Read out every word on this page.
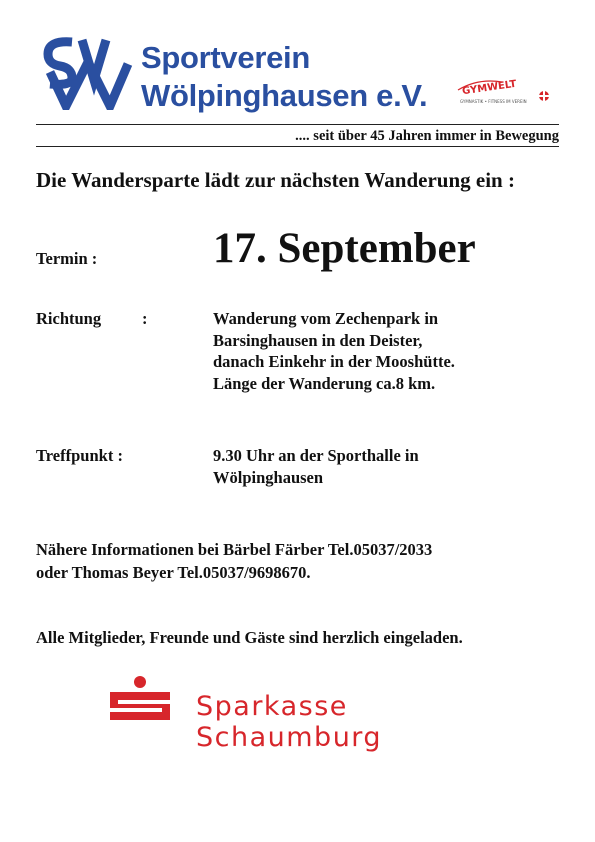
Sportverein
Wölpinghausen e.V.	GYMWELT
GYMNASTIK • FITNESS IM VEREIN
.... seit über 45 Jahren immer in Bewegung
Die Wandersparte lädt zur nächsten Wanderung ein :
Termin :	17. September
Richtung :	Wanderung vom Zechenpark in
Barsinghausen in den Deister,
danach Einkehr in der Mooshütte.
Länge der Wanderung ca.8 km.
Treffpunkt :	9.30 Uhr an der Sporthalle in
Wölpinghausen
Nähere Informationen bei Bärbel Färber Tel.05037/2033
oder Thomas Beyer Tel.05037/9698670.
Alle Mitglieder, Freunde und Gäste sind herzlich eingeladen.
Sparkasse
Schaumburg
